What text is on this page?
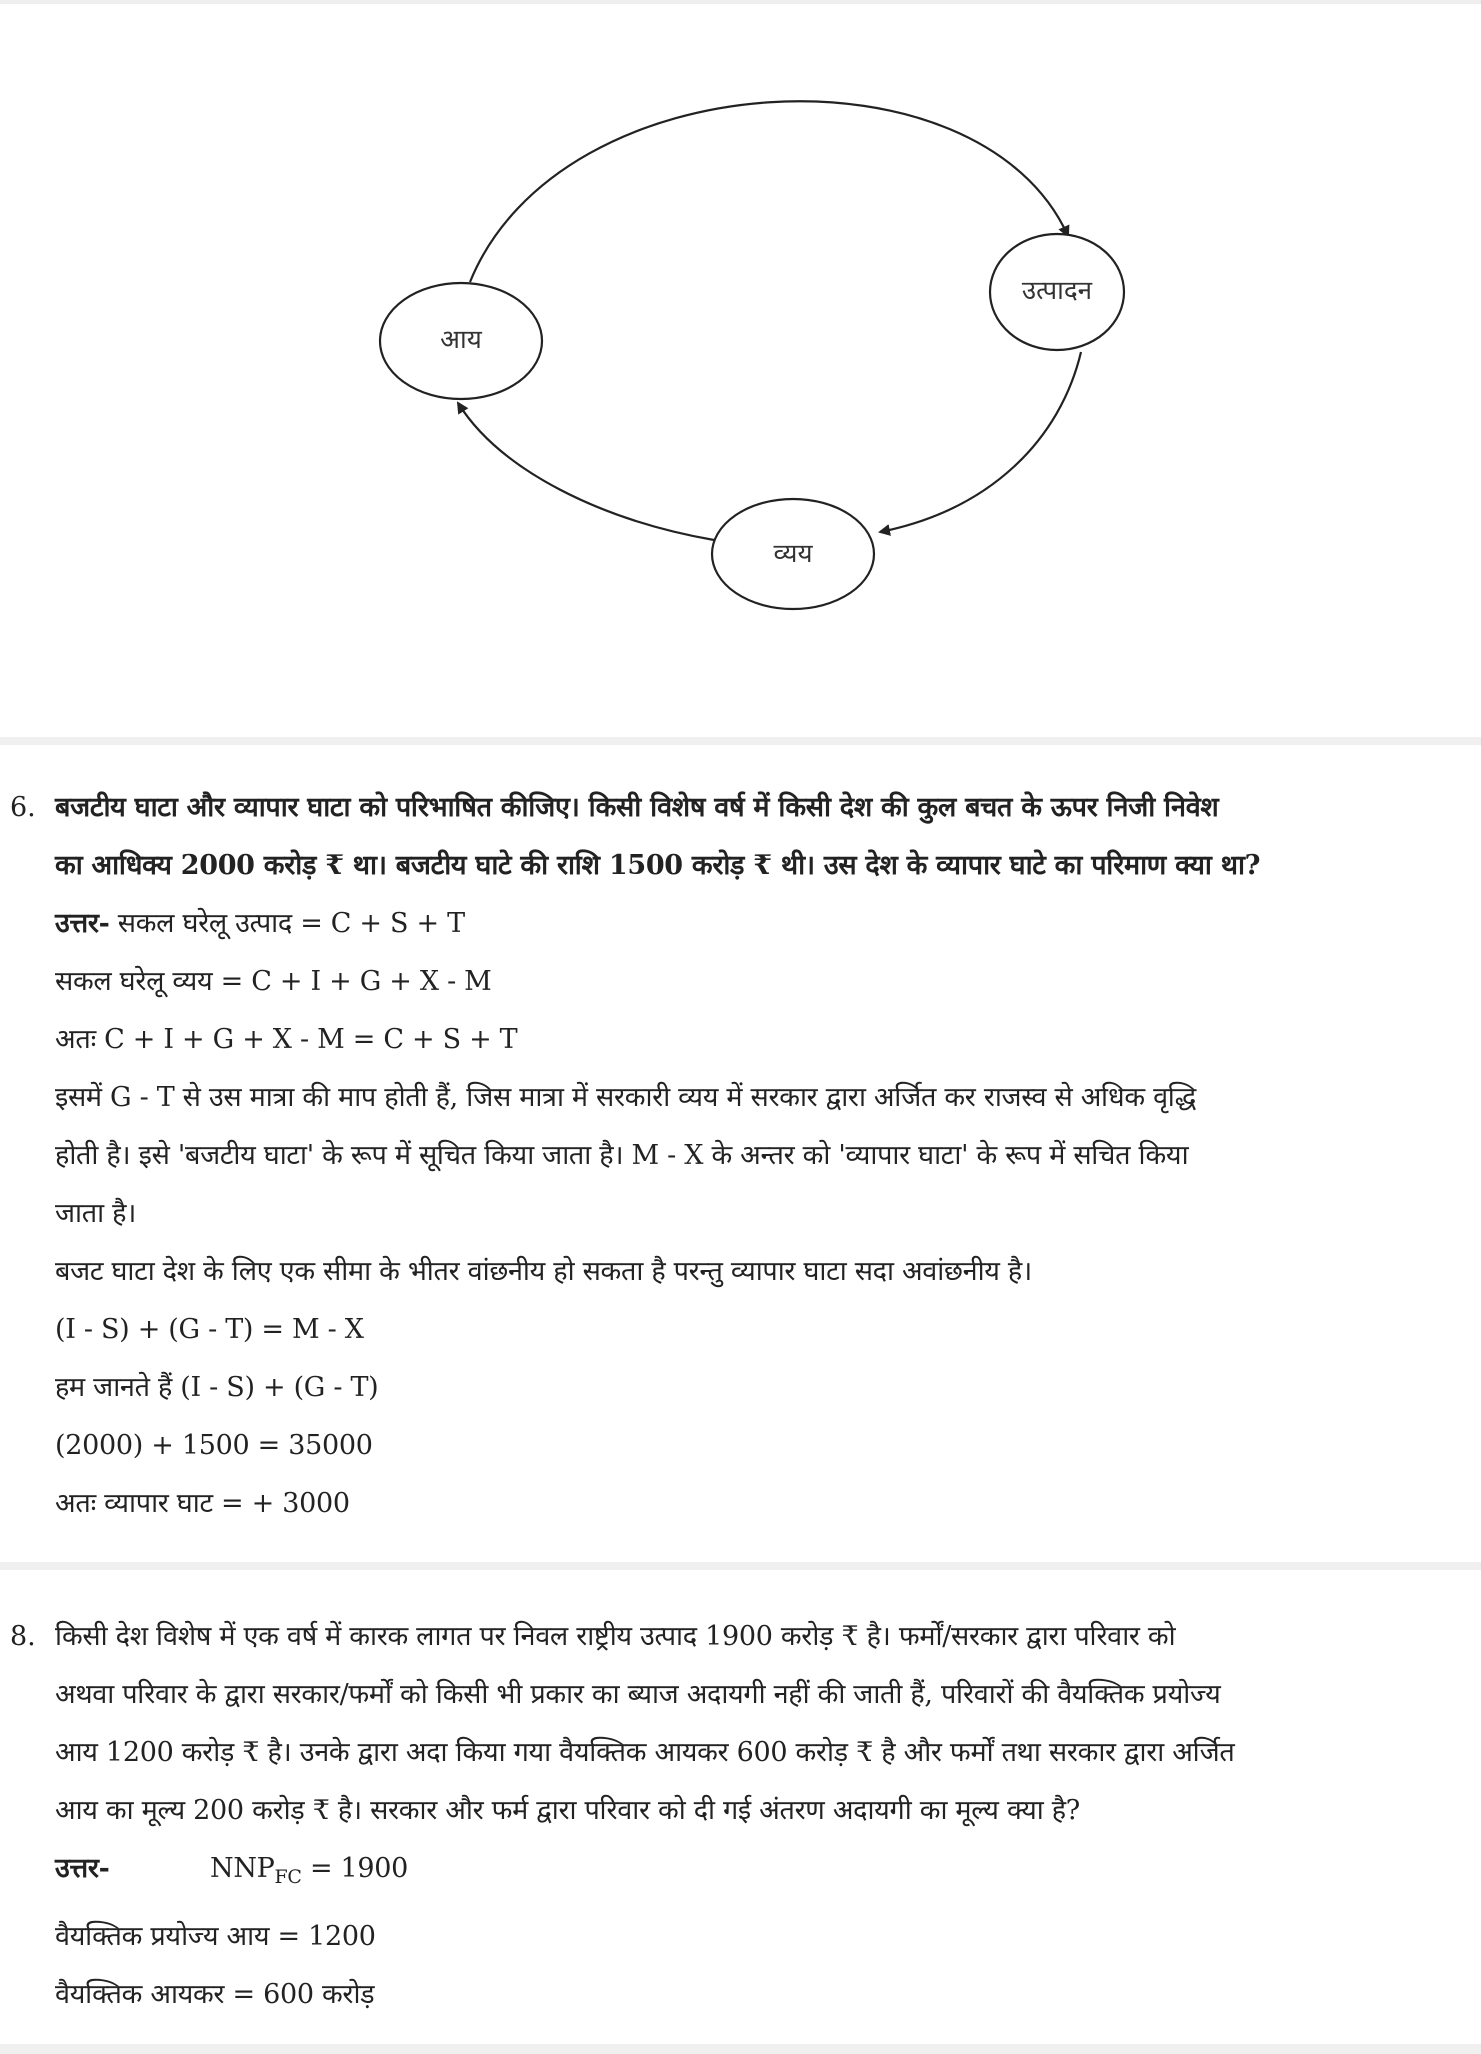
आय
उत्पादन
व्यय
6. बजटीय घाटा और व्यापार घाटा को परिभाषित कीजिए। किसी विशेष वर्ष में किसी देश की कुल बचत के ऊपर निजी निवेश
का आधिक्य 2000 करोड़ ₹ था। बजटीय घाटे की राशि 1500 करोड़ ₹ थी। उस देश के व्यापार घाटे का परिमाण क्या था?
उत्तर- सकल घरेलू उत्पाद = C + S + T
सकल घरेलू व्यय = C + I + G + X - M
अतः C + I + G + X - M = C + S + T
इसमें G - T से उस मात्रा की माप होती हैं, जिस मात्रा में सरकारी व्यय में सरकार द्वारा अर्जित कर राजस्व से अधिक वृद्धि
होती है। इसे 'बजटीय घाटा' के रूप में सूचित किया जाता है। M - X के अन्तर को 'व्यापार घाटा' के रूप में सचित किया
जाता है।
बजट घाटा देश के लिए एक सीमा के भीतर वांछनीय हो सकता है परन्तु व्यापार घाटा सदा अवांछनीय है।
(I - S) + (G - T) = M - X
हम जानते हैं (I - S) + (G - T)
(2000) + 1500 = 35000
अतः व्यापार घाट = + 3000
8. किसी देश विशेष में एक वर्ष में कारक लागत पर निवल राष्ट्रीय उत्पाद 1900 करोड़ ₹ है। फर्मों/सरकार द्वारा परिवार को
अथवा परिवार के द्वारा सरकार/फर्मों को किसी भी प्रकार का ब्याज अदायगी नहीं की जाती हैं, परिवारों की वैयक्तिक प्रयोज्य
आय 1200 करोड़ ₹ है। उनके द्वारा अदा किया गया वैयक्तिक आयकर 600 करोड़ ₹ है और फर्मों तथा सरकार द्वारा अर्जित
आय का मूल्य 200 करोड़ ₹ है। सरकार और फर्म द्वारा परिवार को दी गई अंतरण अदायगी का मूल्य क्या है?
उत्तर-	$NNP_{FC} = 1900$
वैयक्तिक प्रयोज्य आय = 1200
वैयक्तिक आयकर = 600 करोड़
